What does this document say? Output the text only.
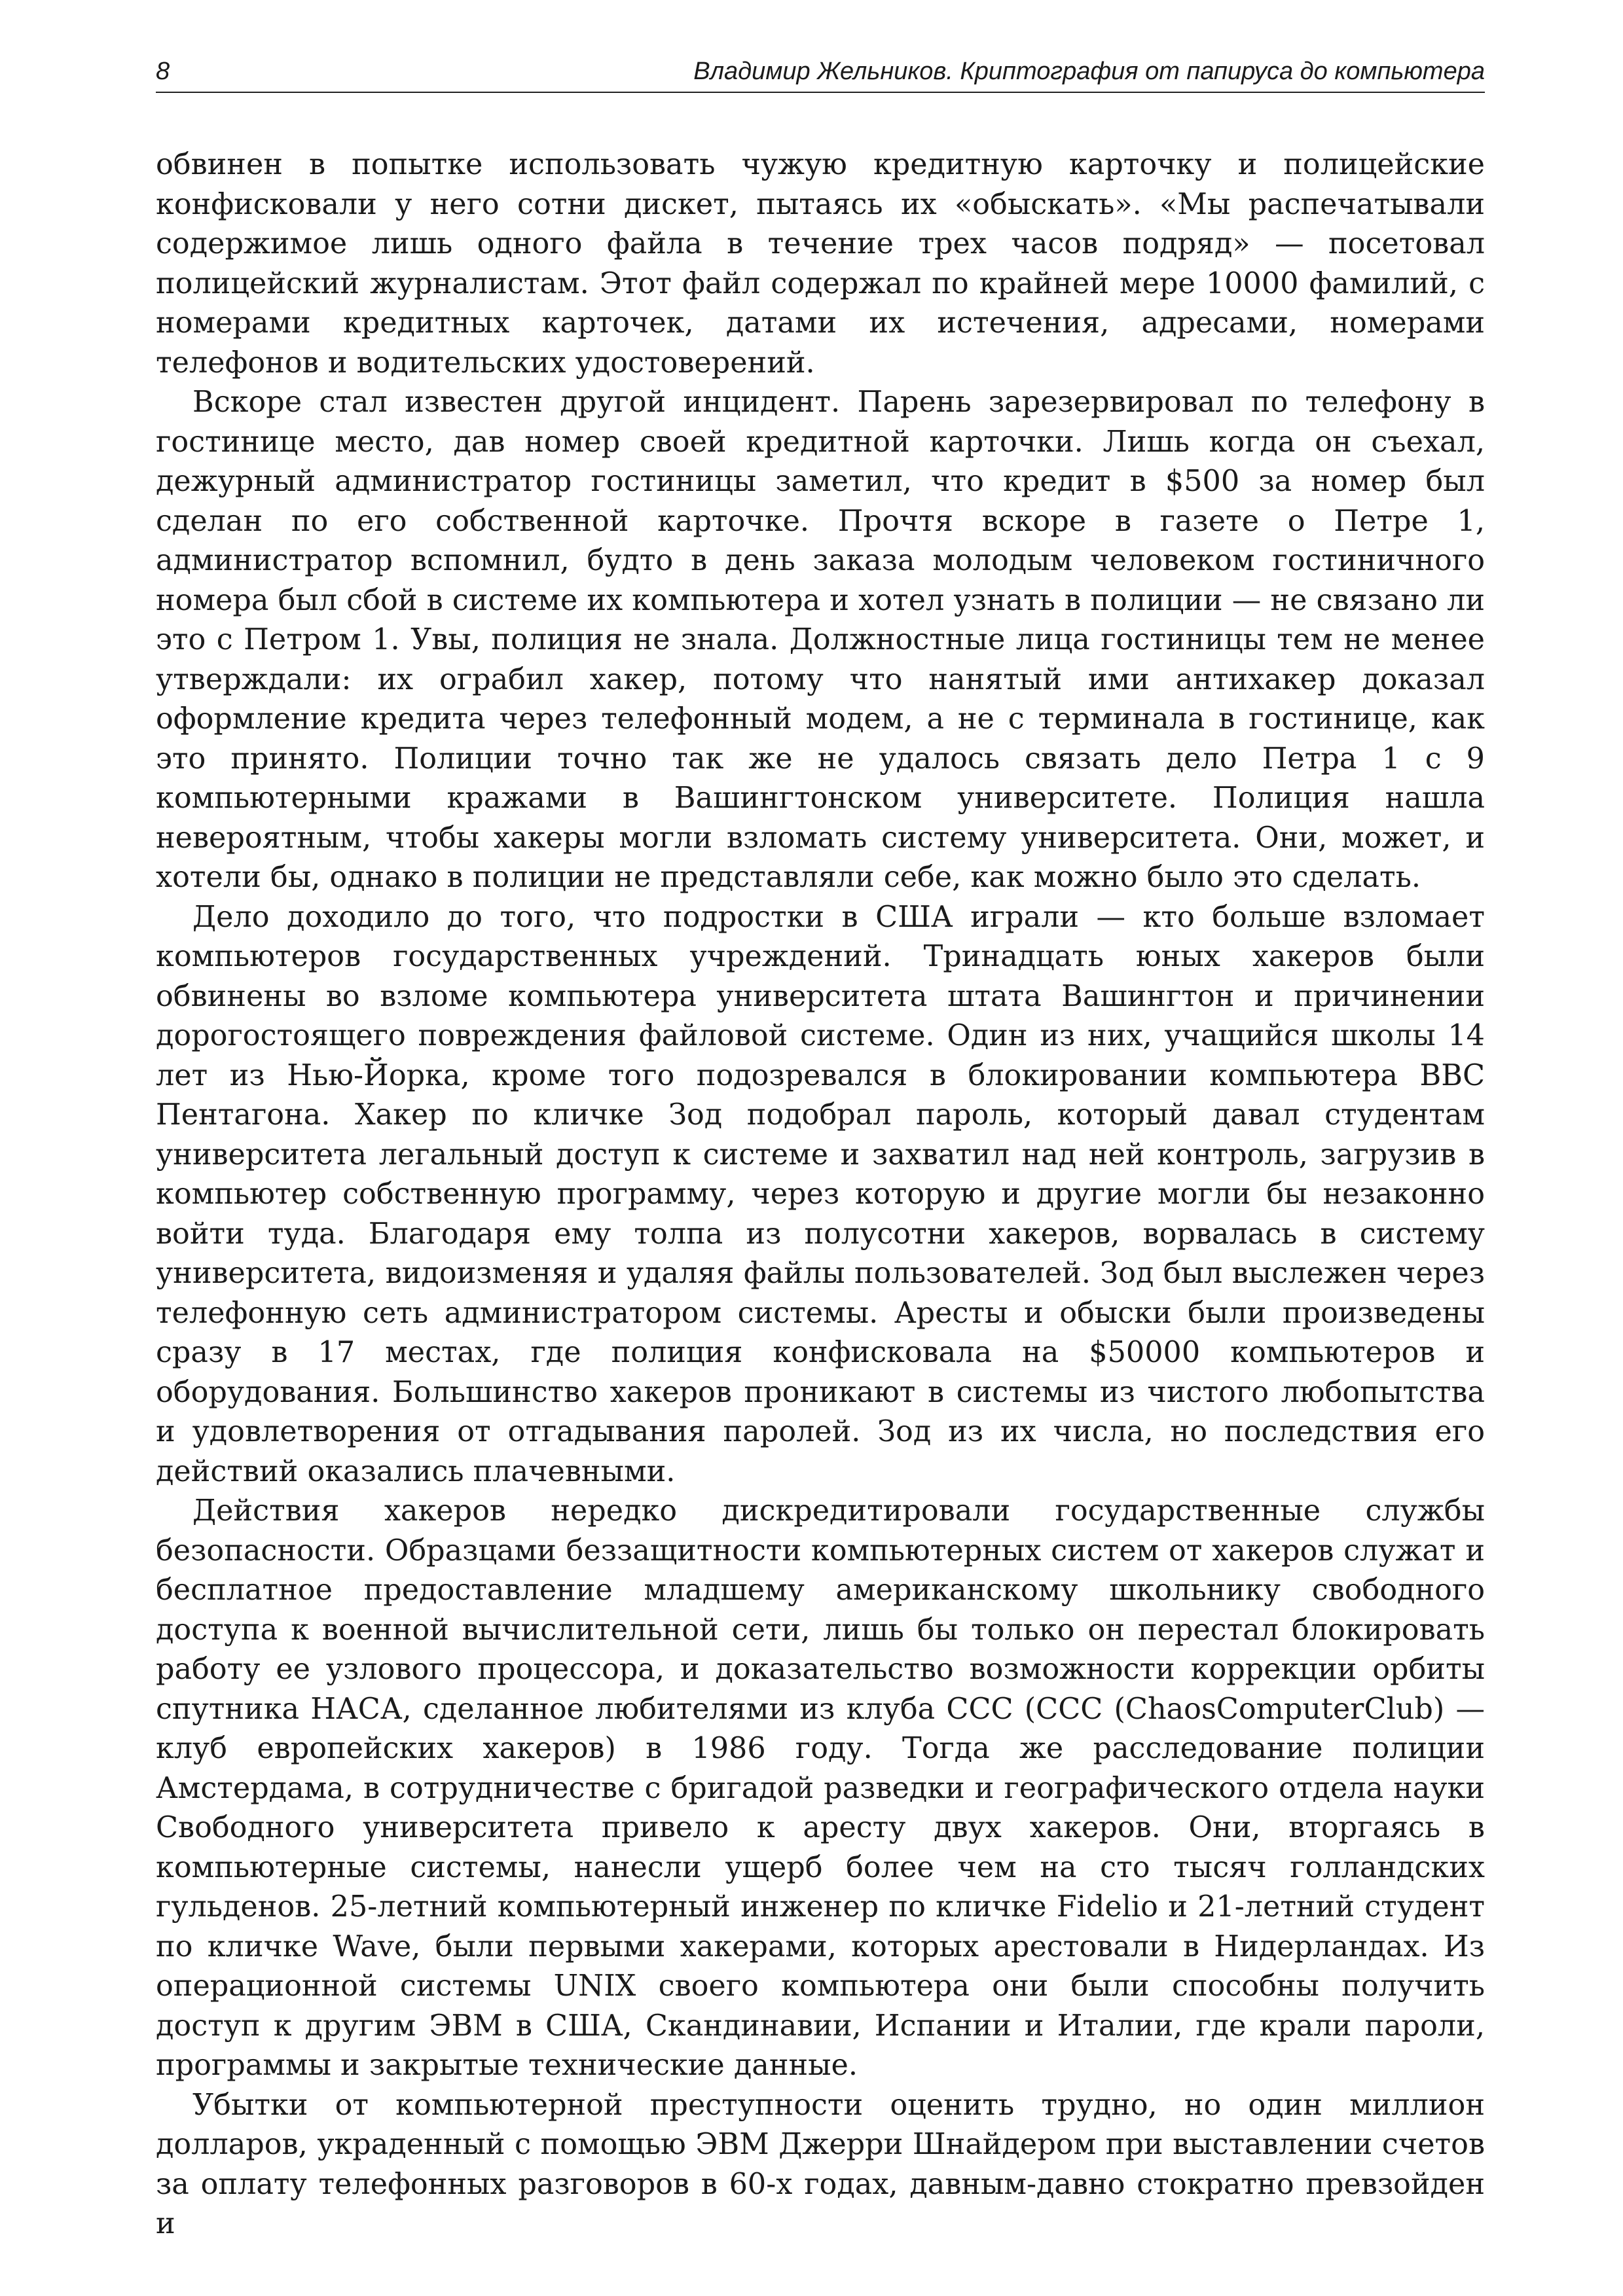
8	Владимир Жельников. Криптография от папируса до компьютера

обвинен в попытке использовать чужую кредитную карточку и полицейские конфисковали у него сотни дискет, пытаясь их «обыскать». «Мы распечатывали содержимое лишь одного файла в течение трех часов подряд» — посетовал полицейский журналистам. Этот файл содержал по крайней мере 10000 фамилий, с номерами кредитных карточек, датами их истечения, адресами, номерами телефонов и водительских удостоверений.

Вскоре стал известен другой инцидент. Парень зарезервировал по телефону в гостинице место, дав номер своей кредитной карточки. Лишь когда он съехал, дежурный администратор гостиницы заметил, что кредит в $500 за номер был сделан по его собственной карточке. Прочтя вскоре в газете о Петре 1, администратор вспомнил, будто в день заказа молодым человеком гостиничного номера был сбой в системе их компьютера и хотел узнать в полиции — не связано ли это с Петром 1. Увы, полиция не знала. Должностные лица гостиницы тем не менее утверждали: их ограбил хакер, потому что нанятый ими антихакер доказал оформление кредита через телефонный модем, а не с терминала в гостинице, как это принято. Полиции точно так же не удалось связать дело Петра 1 с 9 компьютерными кражами в Вашингтонском университете. Полиция нашла невероятным, чтобы хакеры могли взломать систему университета. Они, может, и хотели бы, однако в полиции не представляли себе, как можно было это сделать.

Дело доходило до того, что подростки в США играли — кто больше взломает компьютеров государственных учреждений. Тринадцать юных хакеров были обвинены во взломе компьютера университета штата Вашингтон и причинении дорогостоящего повреждения файловой системе. Один из них, учащийся школы 14 лет из Нью-Йорка, кроме того подозревался в блокировании компьютера ВВС Пентагона. Хакер по кличке Зод подобрал пароль, который давал студентам университета легальный доступ к системе и захватил над ней контроль, загрузив в компьютер собственную программу, через которую и другие могли бы незаконно войти туда. Благодаря ему толпа из полусотни хакеров, ворвалась в систему университета, видоизменяя и удаляя файлы пользователей. Зод был выслежен через телефонную сеть администратором системы. Аресты и обыски были произведены сразу в 17 местах, где полиция конфисковала на $50000 компьютеров и оборудования. Большинство хакеров проникают в системы из чистого любопытства и удовлетворения от отгадывания паролей. Зод из их числа, но последствия его действий оказались плачевными.

Действия хакеров нередко дискредитировали государственные службы безопасности. Образцами беззащитности компьютерных систем от хакеров служат и бесплатное предоставление младшему американскому школьнику свободного доступа к военной вычислительной сети, лишь бы только он перестал блокировать работу ее узлового процессора, и доказательство возможности коррекции орбиты спутника НАСА, сделанное любителями из клуба ССС (CCC (ChaosComputerClub) — клуб европейских хакеров) в 1986 году. Тогда же расследование полиции Амстердама, в сотрудничестве с бригадой разведки и географического отдела науки Свободного университета привело к аресту двух хакеров. Они, вторгаясь в компьютерные системы, нанесли ущерб более чем на сто тысяч голландских гульденов. 25-летний компьютерный инженер по кличке Fidelio и 21-летний студент по кличке Wave, были первыми хакерами, которых арестовали в Нидерландах. Из операционной системы UNIX своего компьютера они были способны получить доступ к другим ЭВМ в США, Скандинавии, Испании и Италии, где крали пароли, программы и закрытые технические данные.

Убытки от компьютерной преступности оценить трудно, но один миллион долларов, украденный с помощью ЭВМ Джерри Шнайдером при выставлении счетов за оплату телефонных разговоров в 60-х годах, давным-давно стократно превзойден и
